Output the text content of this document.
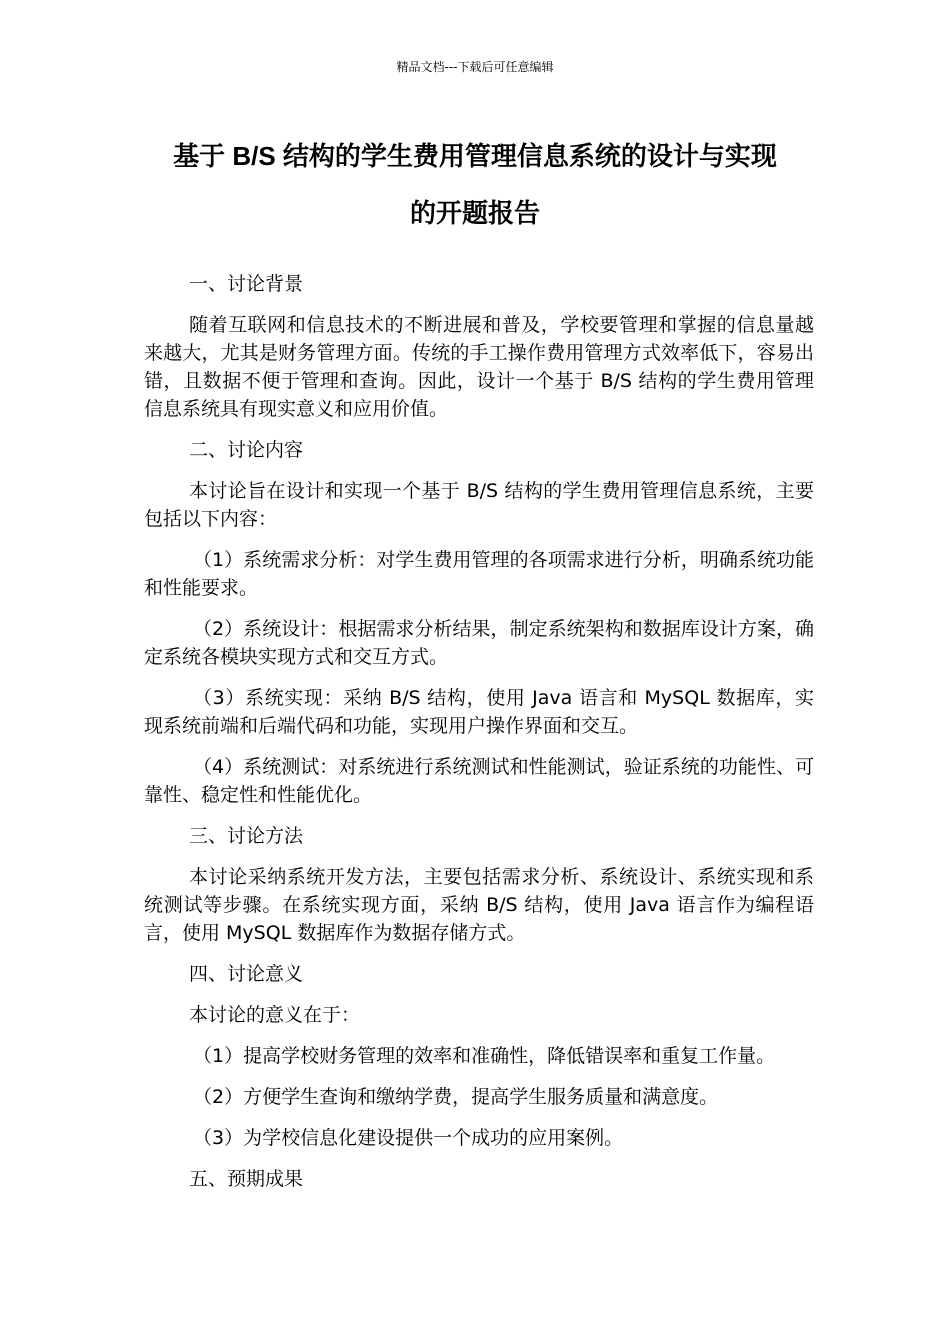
精品文档---下载后可任意编辑
基于 B/S 结构的学生费用管理信息系统的设计与实现
的开题报告

一、讨论背景

随着互联网和信息技术的不断进展和普及，学校要管理和掌握的信息量越来越大，尤其是财务管理方面。传统的手工操作费用管理方式效率低下，容易出错，且数据不便于管理和查询。因此，设计一个基于 B/S 结构的学生费用管理信息系统具有现实意义和应用价值。

二、讨论内容

本讨论旨在设计和实现一个基于 B/S 结构的学生费用管理信息系统，主要包括以下内容：

（1）系统需求分析：对学生费用管理的各项需求进行分析，明确系统功能和性能要求。

（2）系统设计：根据需求分析结果，制定系统架构和数据库设计方案，确定系统各模块实现方式和交互方式。

（3）系统实现：采纳 B/S 结构，使用 Java 语言和 MySQL 数据库，实现系统前端和后端代码和功能，实现用户操作界面和交互。

（4）系统测试：对系统进行系统测试和性能测试，验证系统的功能性、可靠性、稳定性和性能优化。

三、讨论方法

本讨论采纳系统开发方法，主要包括需求分析、系统设计、系统实现和系统测试等步骤。在系统实现方面，采纳 B/S 结构，使用 Java 语言作为编程语言，使用 MySQL 数据库作为数据存储方式。

四、讨论意义

本讨论的意义在于：

（1）提高学校财务管理的效率和准确性，降低错误率和重复工作量。

（2）方便学生查询和缴纳学费，提高学生服务质量和满意度。

（3）为学校信息化建设提供一个成功的应用案例。

五、预期成果
